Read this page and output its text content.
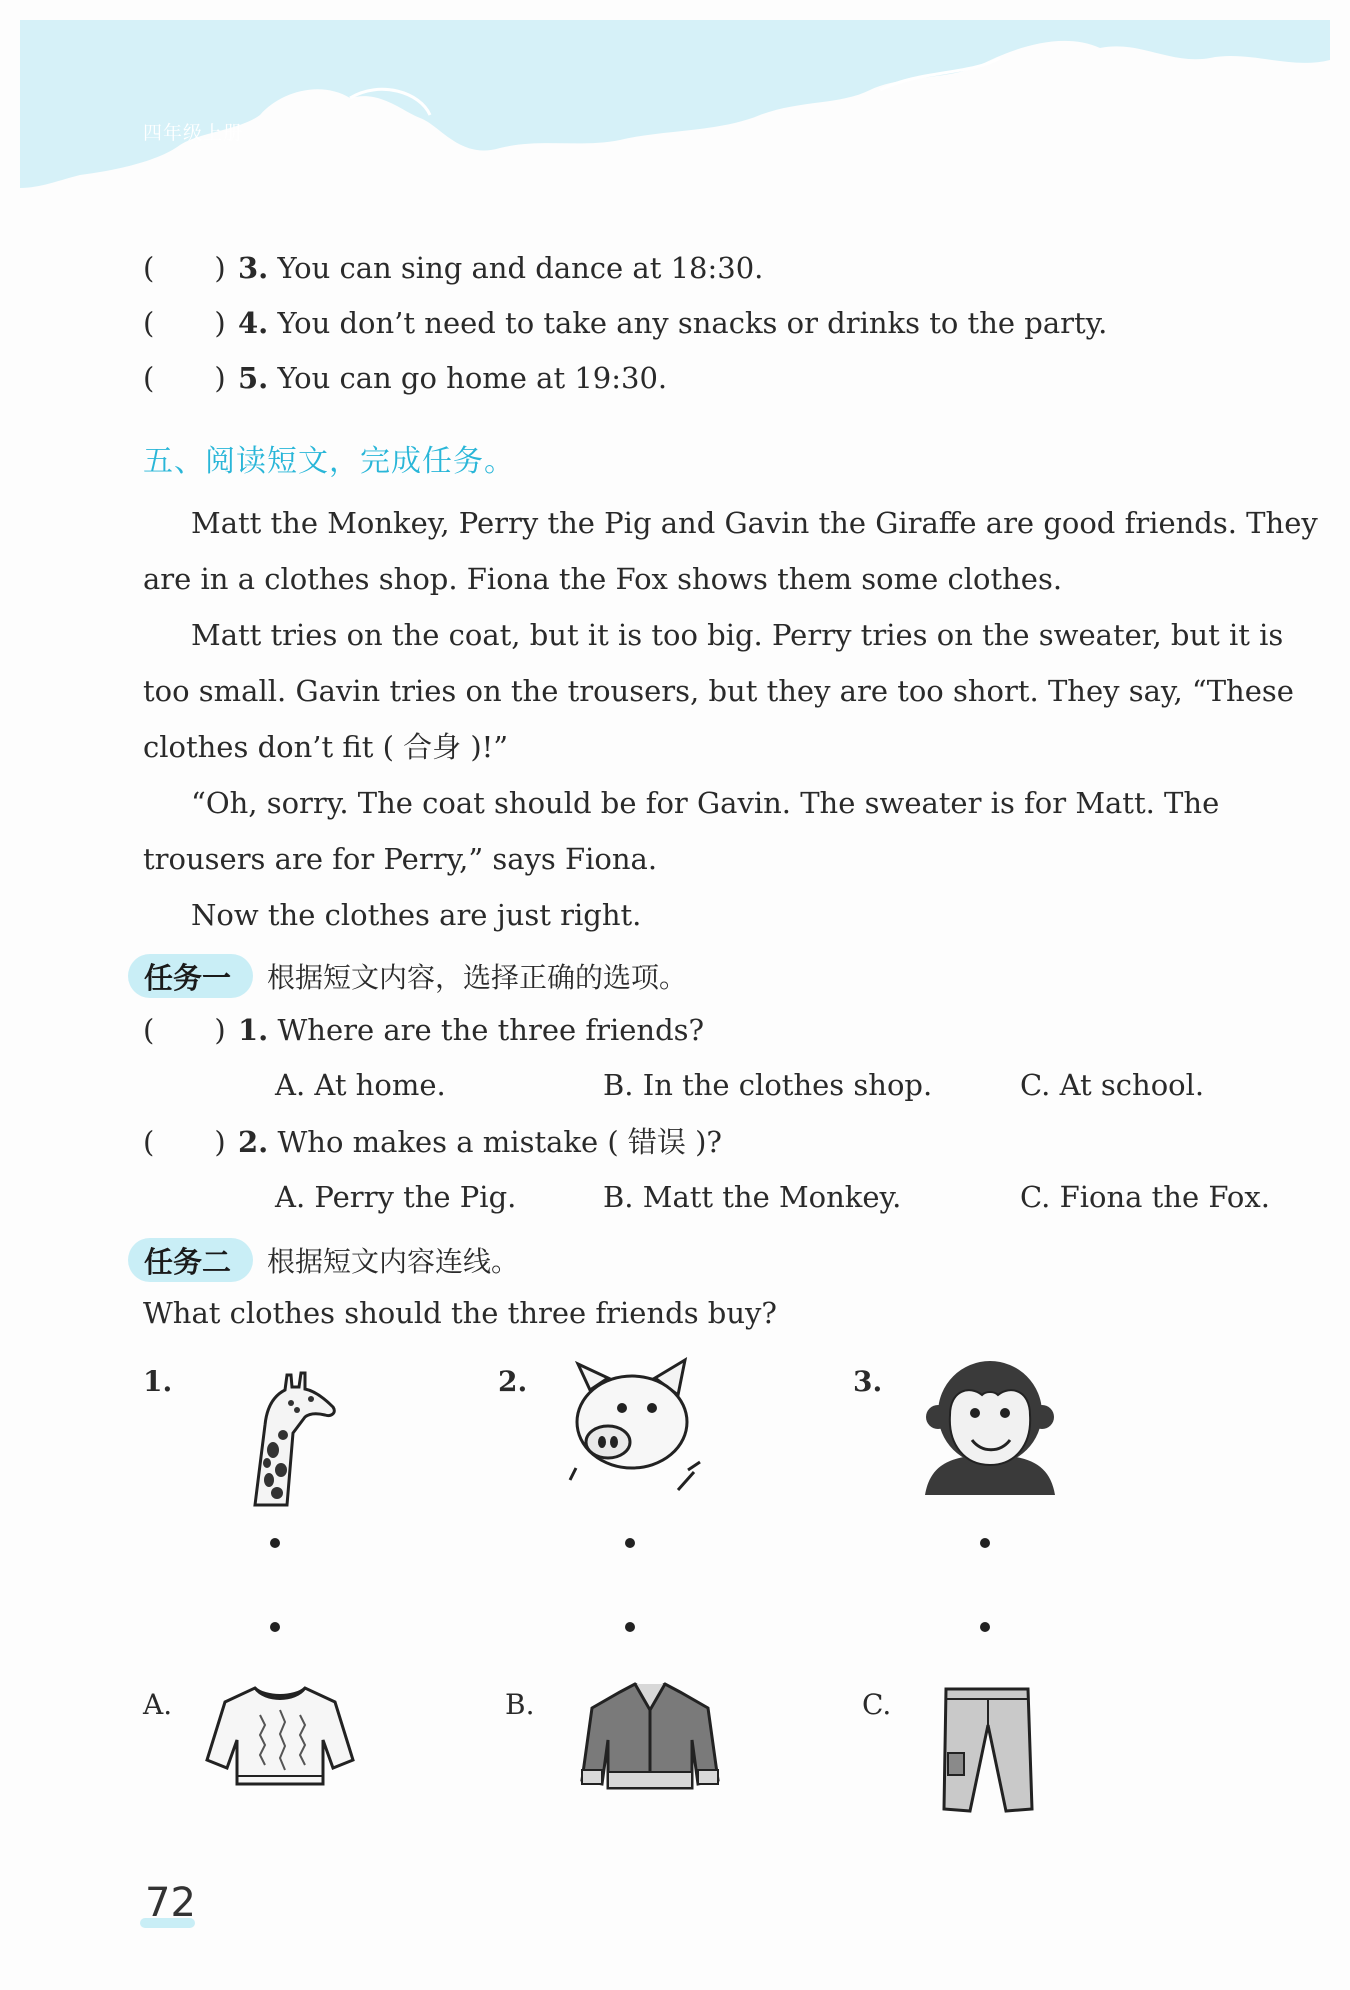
四年级上册
( ) 3. You can sing and dance at 18:30.
( ) 4. You don’t need to take any snacks or drinks to the party.
( ) 5. You can go home at 19:30.
五、阅读短文，完成任务。
Matt the Monkey, Perry the Pig and Gavin the Giraffe are good friends. They
are in a clothes shop. Fiona the Fox shows them some clothes.
Matt tries on the coat, but it is too big. Perry tries on the sweater, but it is
too small. Gavin tries on the trousers, but they are too short. They say, “These
clothes don’t fit ( 合身 )!”
“Oh, sorry. The coat should be for Gavin. The sweater is for Matt. The
trousers are for Perry,” says Fiona.
Now the clothes are just right.
任务一	根据短文内容，选择正确的选项。
( ) 1. Where are the three friends?
A. At home.	B. In the clothes shop.	C. At school.
( ) 2. Who makes a mistake ( 错误 )?
A. Perry the Pig.	B. Matt the Monkey.	C. Fiona the Fox.
任务二	根据短文内容连线。
What clothes should the three friends buy?
1.	2.	3.
A.	B.	C.
72
